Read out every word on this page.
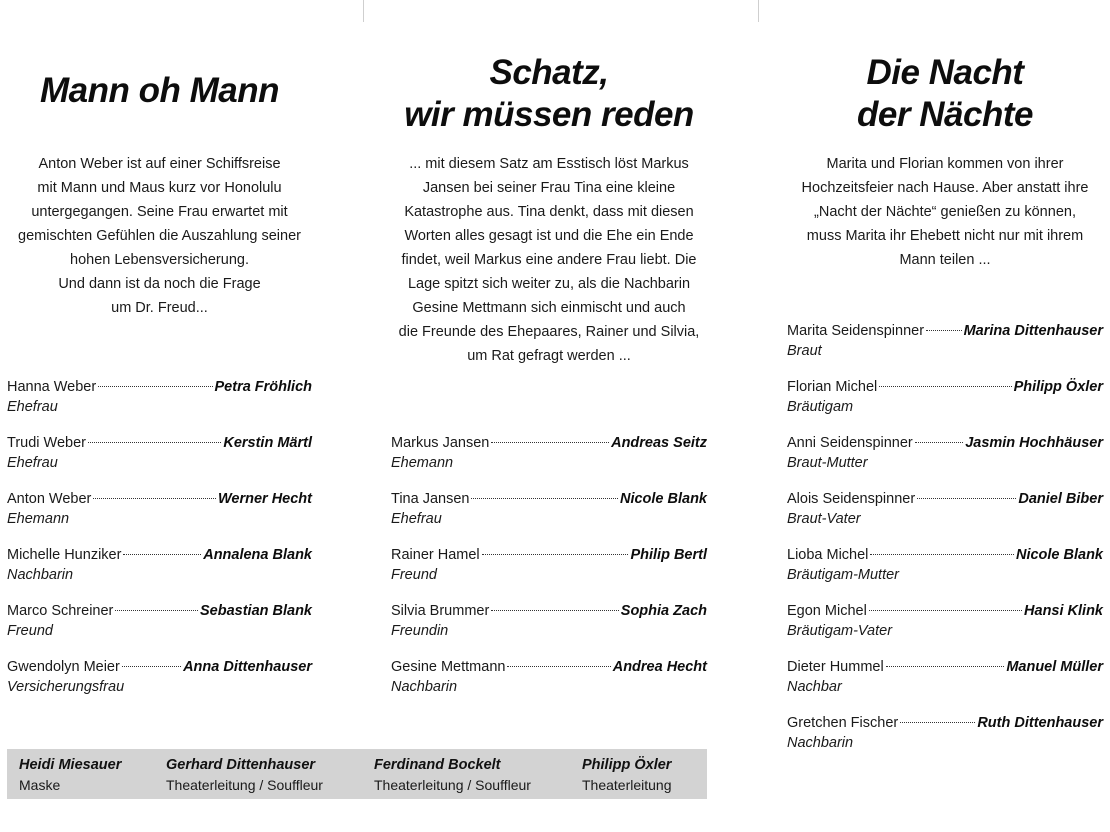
Mann oh Mann
Anton Weber ist auf einer Schiffsreise
mit Mann und Maus kurz vor Honolulu
untergegangen. Seine Frau erwartet mit
gemischten Gefühlen die Auszahlung seiner
hohen Lebensversicherung.
Und dann ist da noch die Frage
um Dr. Freud...
Hanna Weber	Petra Fröhlich
Ehefrau
Trudi Weber	Kerstin Märtl
Ehefrau
Anton Weber	Werner Hecht
Ehemann
Michelle Hunziker	Annalena Blank
Nachbarin
Marco Schreiner	Sebastian Blank
Freund
Gwendolyn Meier	Anna Dittenhauser
Versicherungsfrau
Schatz,
wir müssen reden
... mit diesem Satz am Esstisch löst Markus
Jansen bei seiner Frau Tina eine kleine
Katastrophe aus. Tina denkt, dass mit diesen
Worten alles gesagt ist und die Ehe ein Ende
findet, weil Markus eine andere Frau liebt. Die
Lage spitzt sich weiter zu, als die Nachbarin
Gesine Mettmann sich einmischt und auch
die Freunde des Ehepaares, Rainer und Silvia,
um Rat gefragt werden ...
Markus Jansen	Andreas Seitz
Ehemann
Tina Jansen	Nicole Blank
Ehefrau
Rainer Hamel	Philip Bertl
Freund
Silvia Brummer	Sophia Zach
Freundin
Gesine Mettmann	Andrea Hecht
Nachbarin
Die Nacht
der Nächte
Marita und Florian kommen von ihrer
Hochzeitsfeier nach Hause. Aber anstatt ihre
„Nacht der Nächte“ genießen zu können,
muss Marita ihr Ehebett nicht nur mit ihrem
Mann teilen ...
Marita Seidenspinner	Marina Dittenhauser
Braut
Florian Michel	Philipp Öxler
Bräutigam
Anni Seidenspinner	Jasmin Hochhäuser
Braut-Mutter
Alois Seidenspinner	Daniel Biber
Braut-Vater
Lioba Michel	Nicole Blank
Bräutigam-Mutter
Egon Michel	Hansi Klink
Bräutigam-Vater
Dieter Hummel	Manuel Müller
Nachbar
Gretchen Fischer	Ruth Dittenhauser
Nachbarin
Heidi Miesauer
Maske
Gerhard Dittenhauser
Theaterleitung / Souffleur
Ferdinand Bockelt
Theaterleitung / Souffleur
Philipp Öxler
Theaterleitung
